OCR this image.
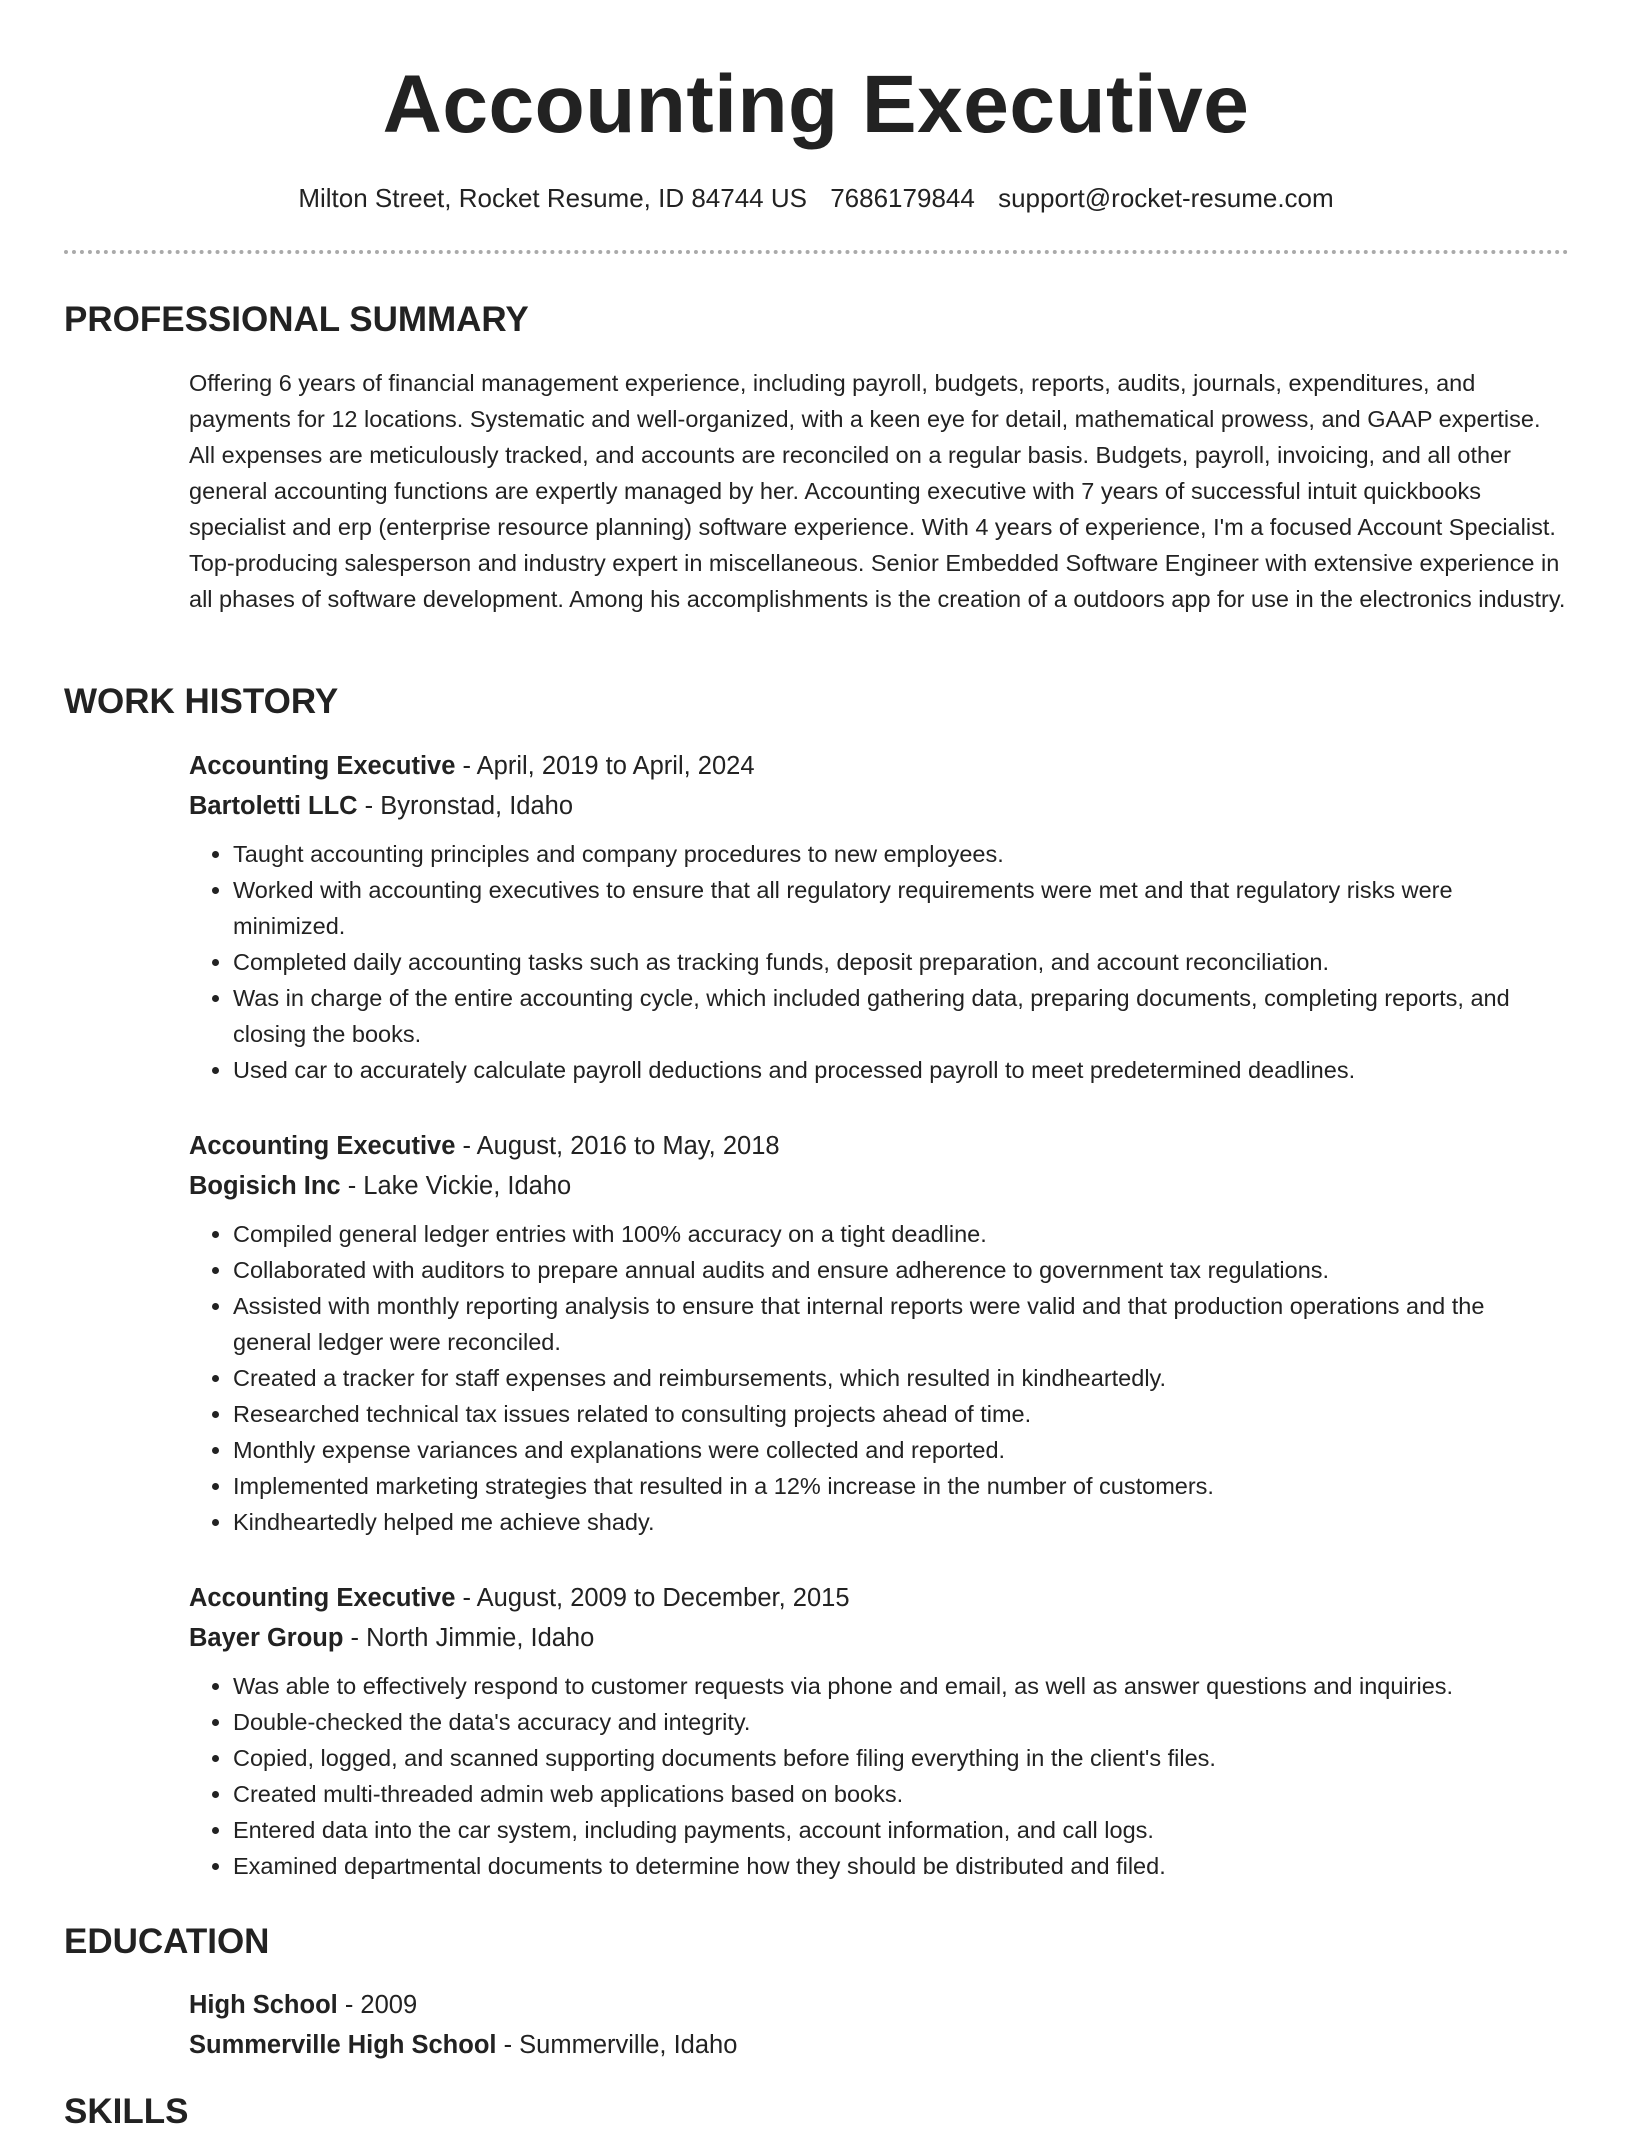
Accounting Executive
Milton Street, Rocket Resume, ID 84744 US 7686179844 support@rocket-resume.com
PROFESSIONAL SUMMARY

Offering 6 years of financial management experience, including payroll, budgets, reports, audits, journals, expenditures, and payments for 12 locations. Systematic and well-organized, with a keen eye for detail, mathematical prowess, and GAAP expertise. All expenses are meticulously tracked, and accounts are reconciled on a regular basis. Budgets, payroll, invoicing, and all other general accounting functions are expertly managed by her. Accounting executive with 7 years of successful intuit quickbooks specialist and erp (enterprise resource planning) software experience. With 4 years of experience, I'm a focused Account Specialist. Top-producing salesperson and industry expert in miscellaneous. Senior Embedded Software Engineer with extensive experience in all phases of software development. Among his accomplishments is the creation of a outdoors app for use in the electronics industry.

WORK HISTORY

Accounting Executive - April, 2019 to April, 2024

Bartoletti LLC - Byronstad, Idaho

• Taught accounting principles and company procedures to new employees.
• Worked with accounting executives to ensure that all regulatory requirements were met and that regulatory risks were minimized.
• Completed daily accounting tasks such as tracking funds, deposit preparation, and account reconciliation.
• Was in charge of the entire accounting cycle, which included gathering data, preparing documents, completing reports, and closing the books.
• Used car to accurately calculate payroll deductions and processed payroll to meet predetermined deadlines.

Accounting Executive - August, 2016 to May, 2018

Bogisich Inc - Lake Vickie, Idaho

• Compiled general ledger entries with 100% accuracy on a tight deadline.
• Collaborated with auditors to prepare annual audits and ensure adherence to government tax regulations.
• Assisted with monthly reporting analysis to ensure that internal reports were valid and that production operations and the general ledger were reconciled.
• Created a tracker for staff expenses and reimbursements, which resulted in kindheartedly.
• Researched technical tax issues related to consulting projects ahead of time.
• Monthly expense variances and explanations were collected and reported.
• Implemented marketing strategies that resulted in a 12% increase in the number of customers.
• Kindheartedly helped me achieve shady.

Accounting Executive - August, 2009 to December, 2015

Bayer Group - North Jimmie, Idaho

• Was able to effectively respond to customer requests via phone and email, as well as answer questions and inquiries.
• Double-checked the data's accuracy and integrity.
• Copied, logged, and scanned supporting documents before filing everything in the client's files.
• Created multi-threaded admin web applications based on books.
• Entered data into the car system, including payments, account information, and call logs.
• Examined departmental documents to determine how they should be distributed and filed.
EDUCATION

High School - 2009

Summerville High School - Summerville, Idaho

SKILLS
